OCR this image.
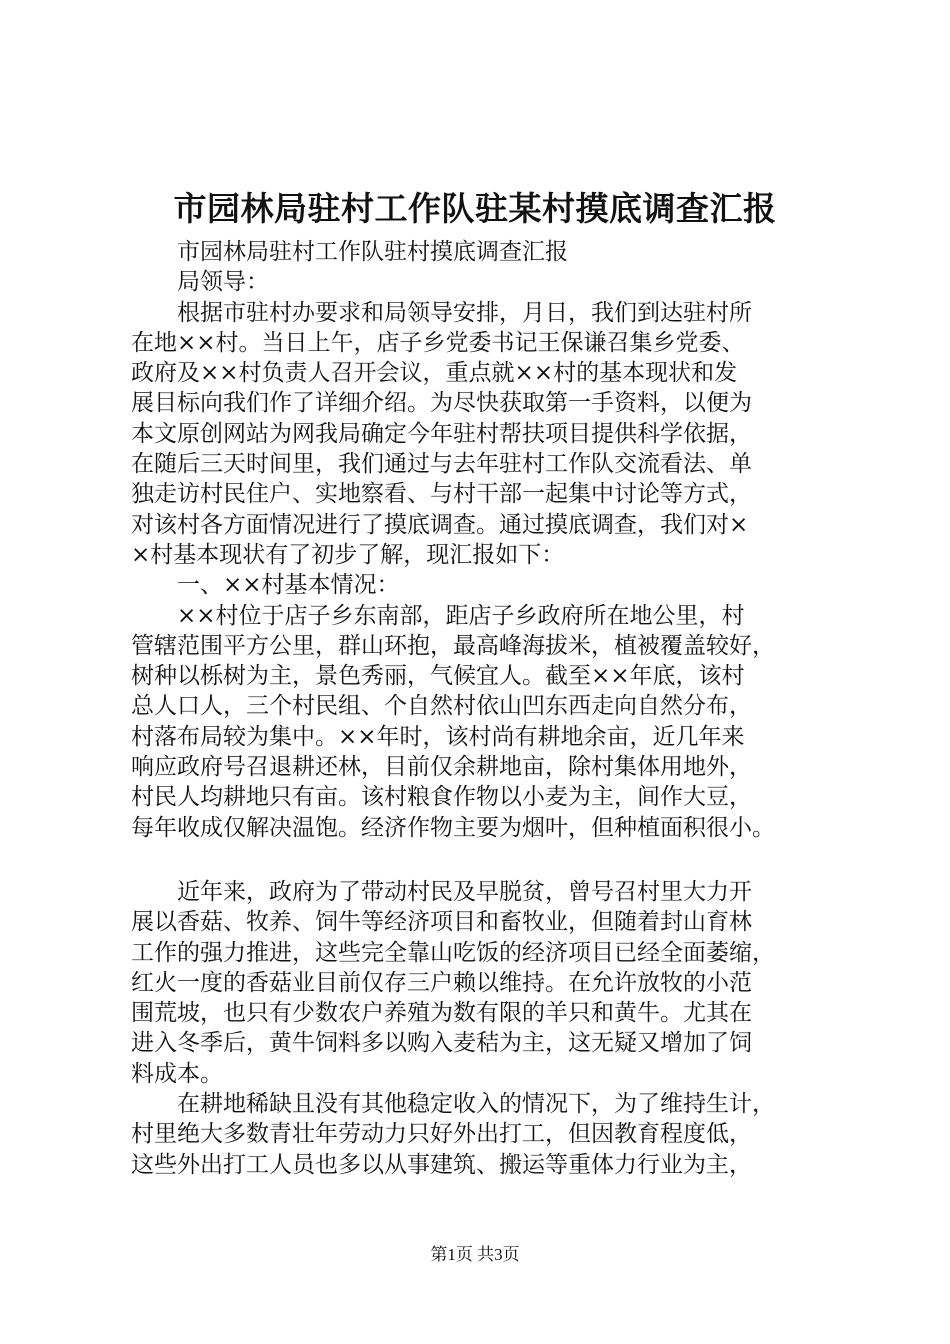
市园林局驻村工作队驻某村摸底调查汇报
市园林局驻村工作队驻村摸底调查汇报
局领导：
根据市驻村办要求和局领导安排，月日，我们到达驻村所
在地××村。当日上午，店子乡党委书记王保谦召集乡党委、
政府及××村负责人召开会议，重点就××村的基本现状和发
展目标向我们作了详细介绍。为尽快获取第一手资料，以便为
本文原创网站为网我局确定今年驻村帮扶项目提供科学依据，
在随后三天时间里，我们通过与去年驻村工作队交流看法、单
独走访村民住户、实地察看、与村干部一起集中讨论等方式，
对该村各方面情况进行了摸底调查。通过摸底调查，我们对×
×村基本现状有了初步了解，现汇报如下：
一、××村基本情况：
××村位于店子乡东南部，距店子乡政府所在地公里，村
管辖范围平方公里，群山环抱，最高峰海拔米，植被覆盖较好，
树种以栎树为主，景色秀丽，气候宜人。截至××年底，该村
总人口人，三个村民组、个自然村依山凹东西走向自然分布，
村落布局较为集中。××年时，该村尚有耕地余亩，近几年来
响应政府号召退耕还林，目前仅余耕地亩，除村集体用地外，
村民人均耕地只有亩。该村粮食作物以小麦为主，间作大豆，
每年收成仅解决温饱。经济作物主要为烟叶，但种植面积很小。
近年来，政府为了带动村民及早脱贫，曾号召村里大力开
展以香菇、牧养、饲牛等经济项目和畜牧业，但随着封山育林
工作的强力推进，这些完全靠山吃饭的经济项目已经全面萎缩，
红火一度的香菇业目前仅存三户赖以维持。在允许放牧的小范
围荒坡，也只有少数农户养殖为数有限的羊只和黄牛。尤其在
进入冬季后，黄牛饲料多以购入麦秸为主，这无疑又增加了饲
料成本。
在耕地稀缺且没有其他稳定收入的情况下，为了维持生计，
村里绝大多数青壮年劳动力只好外出打工，但因教育程度低，
这些外出打工人员也多以从事建筑、搬运等重体力行业为主，
第1页 共3页
